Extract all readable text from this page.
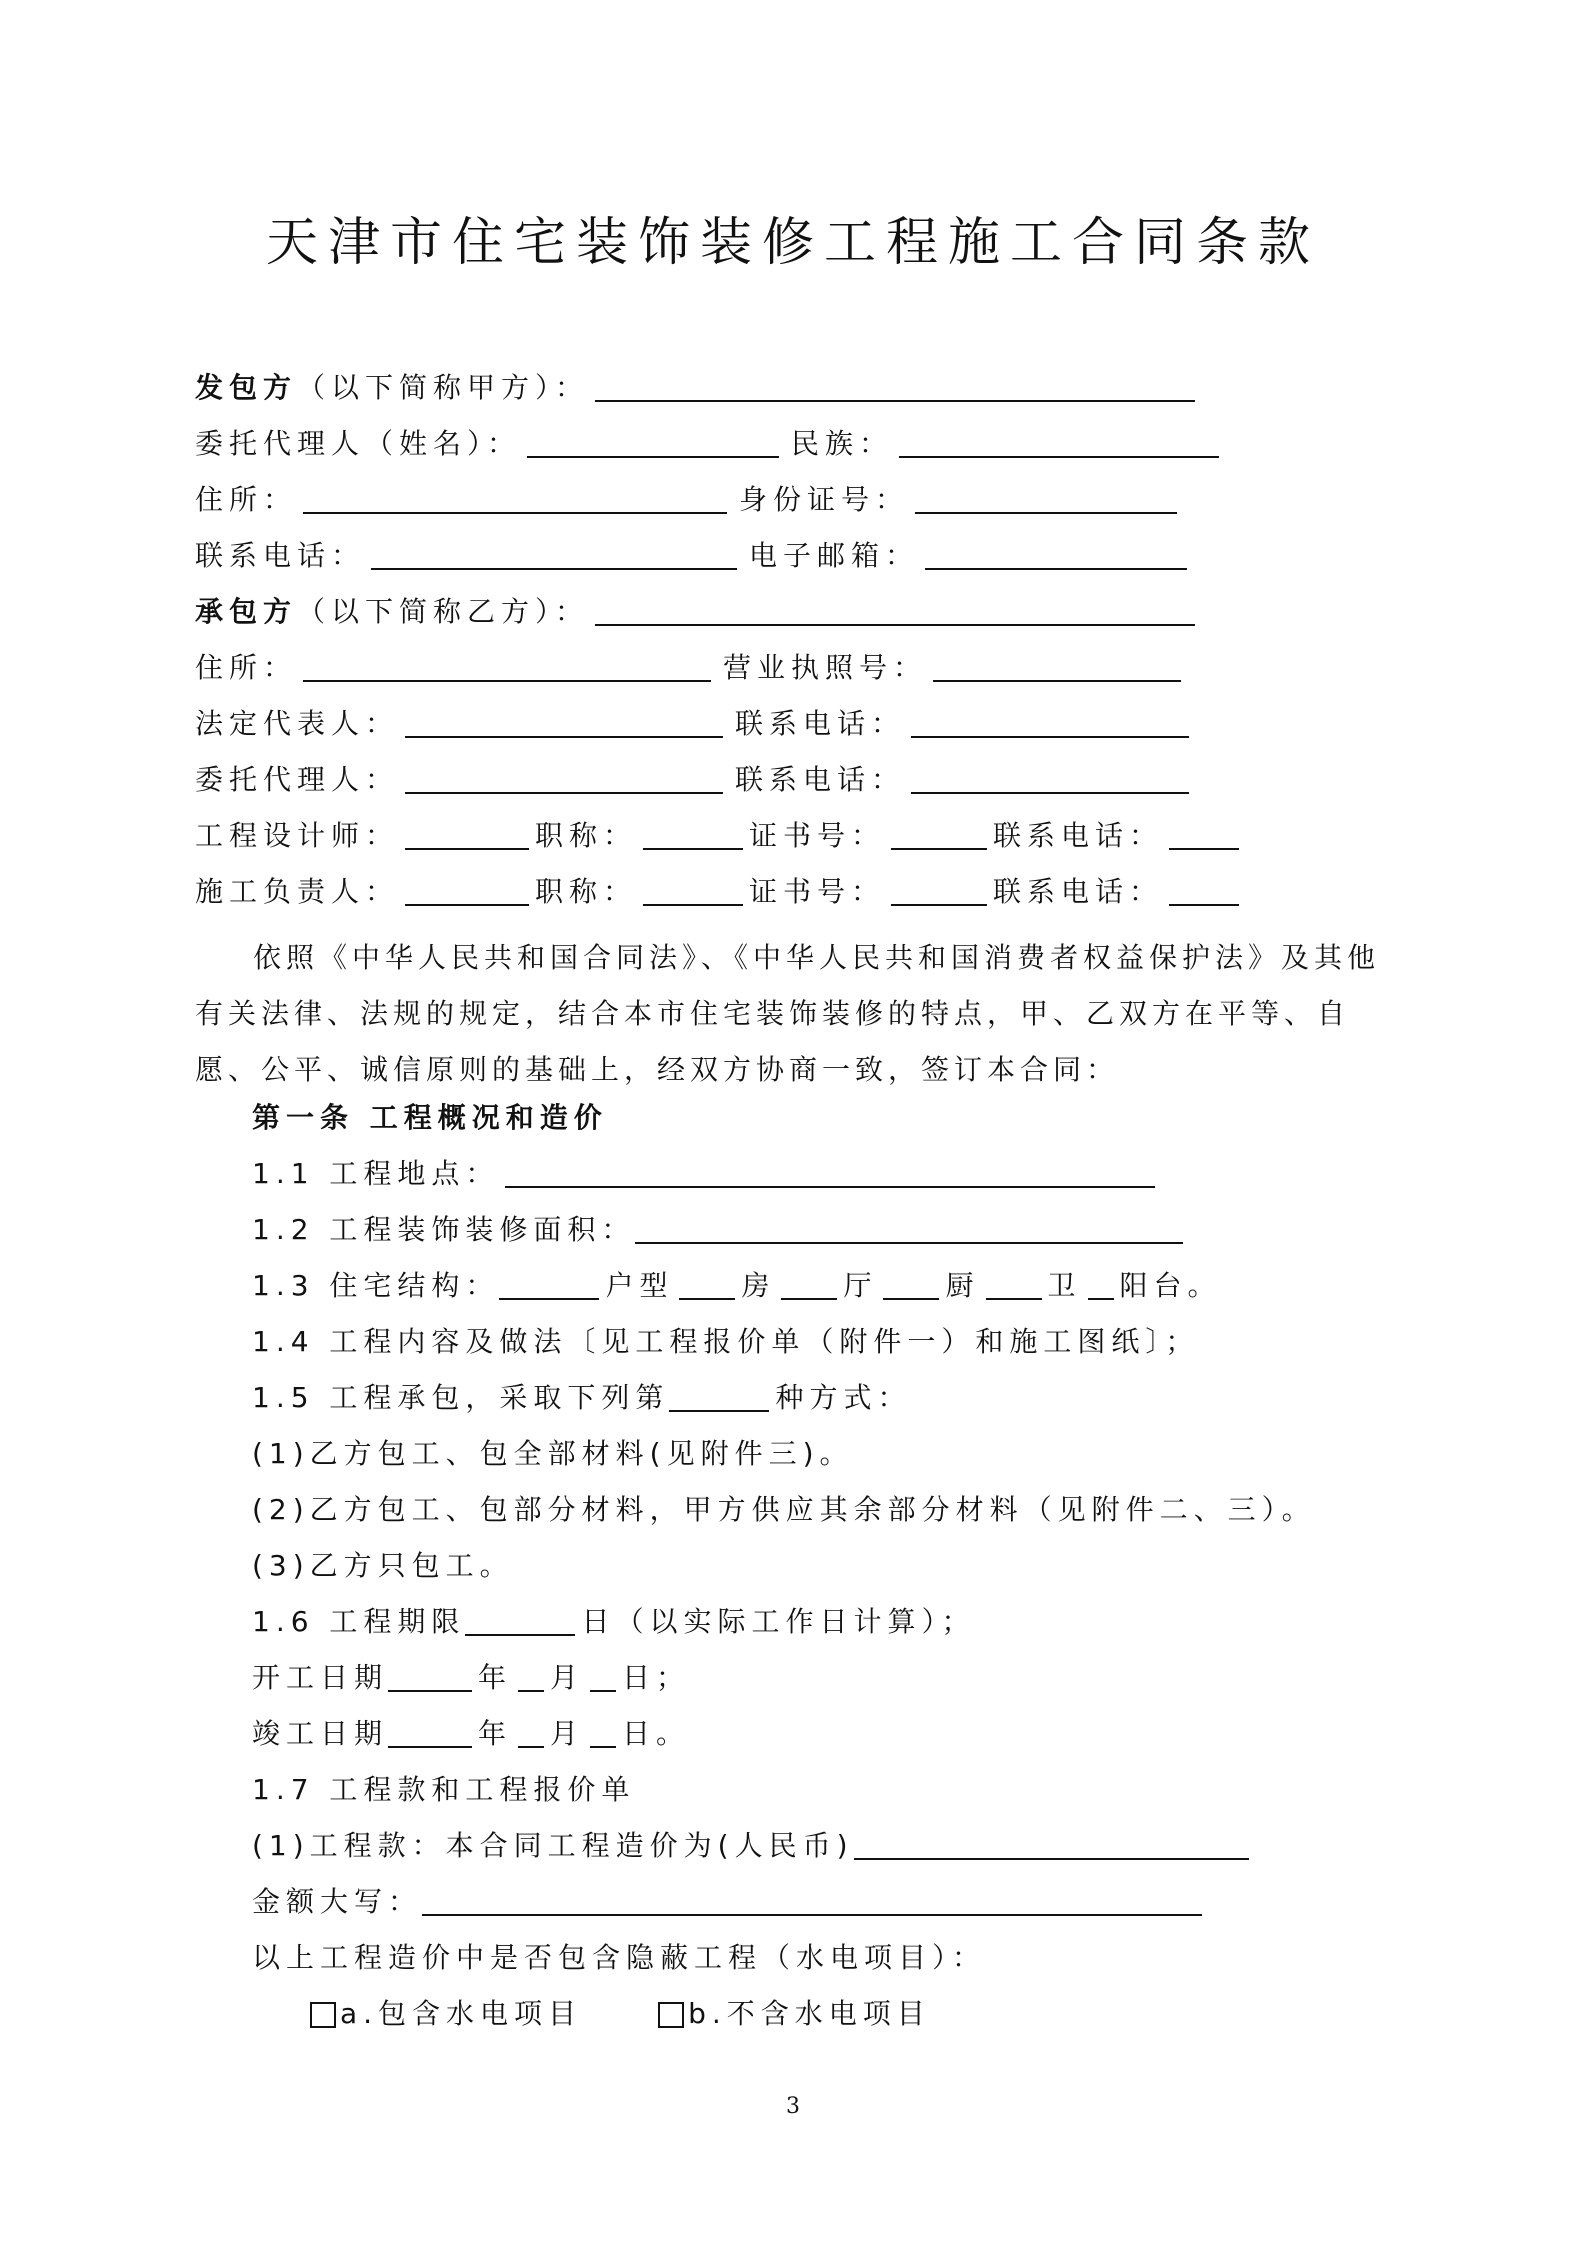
天津市住宅装饰装修工程施工合同条款
发包方 （以下简称甲方）：
委托代理人（姓名）：	民族：
住所：	身份证号：
联系电话：	电子邮箱：
承包方 （以下简称乙方）：
住所：	营业执照号：
法定代表人：	联系电话：
委托代理人：	联系电话：
工程设计师：	职称：	证书号：	联系电话：
施工负责人：	职称：	证书号：	联系电话：
依照《中华人民共和国合同法》、《中华人民共和国消费者权益保护法》及其他有关法律、法规的规定，结合本市住宅装饰装修的特点，甲、乙双方在平等、自愿、公平、诚信原则的基础上，经双方协商一致，签订本合同：
第一条 工程概况和造价
1.1 工程地点：
1.2 工程装饰装修面积：
1.3 住宅结构：	户型 房 厅 厨 卫 阳台。
1.4 工程内容及做法〔见工程报价单（附件一）和施工图纸〕；
1.5 工程承包，采取下列第	种方式：
(1)乙方包工、包全部材料(见附件三)。
(2)乙方包工、包部分材料，甲方供应其余部分材料（见附件二、三）。
(3)乙方只包工。
1.6 工程期限	日（以实际工作日计算）；
开工日期	年 月 日；
竣工日期	年 月 日。
1.7 工程款和工程报价单
(1)工程款：本合同工程造价为(人民币)
金额大写：
以上工程造价中是否包含隐蔽工程（水电项目）：
a.包含水电项目	b.不含水电项目
3
